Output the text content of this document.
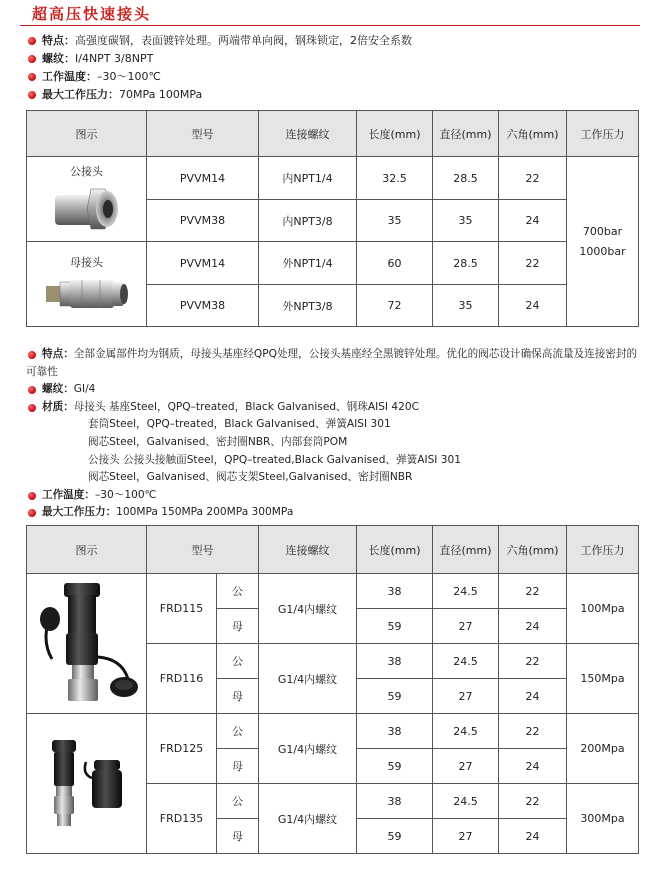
超高压快速接头
特点：高强度碳钢，表面镀锌处理。两端带单向阀，钢珠锁定，2倍安全系数
螺纹：I/4NPT 3/8NPT
工作温度：–30～100℃
最大工作压力：70MPa 100MPa
图示	型号	连接螺纹	长度(mm)	直径(mm)	六角(mm)	工作压力

公接头	PVVM14	内NPT1/4	32.5	28.5	22	700bar
1000bar

	PVVM38	内NPT3/8	35	35	24	

母接头	PVVM14	外NPT1/4	60	28.5	22	
	PVVM38	外NPT3/8	72	35	24	
特点：全部金属部件均为钢质，母接头基座经QPQ处理，公接头基座经全黑镀锌处理。优化的阀芯设计确保高流量及连接密封的可靠性
螺纹：GI/4
材质：母接头 基座Steel，QPQ–treated，Black Galvanised、钢珠AISI 420C
套筒Steel，QPQ–treated，Black Galvanised、弹簧AISI 301
阀芯Steel，Galvanised、密封圈NBR、内部套筒POM
公接头 公接头接触面Steel，QPQ–treated,Black Galvanised、弹簧AISI 301
阀芯Steel，Galvanised、阀芯支架Steel,Galvanised、密封圈NBR
工作温度：–30～100℃
最大工作压力：100MPa 150MPa 200MPa 300MPa
图示	型号		连接螺纹	长度(mm)	直径(mm)	六角(mm)	工作压力

	FRD115	公	G1/4内螺纹	38	24.5	22	100Mpa
		母		59	27	24	
	FRD116	公	G1/4内螺纹	38	24.5	22	150Mpa
		母		59	27	24	

	FRD125	公	G1/4内螺纹	38	24.5	22	200Mpa
		母		59	27	24	
	FRD135	公	G1/4内螺纹	38	24.5	22	300Mpa
		母		59	27	24	
